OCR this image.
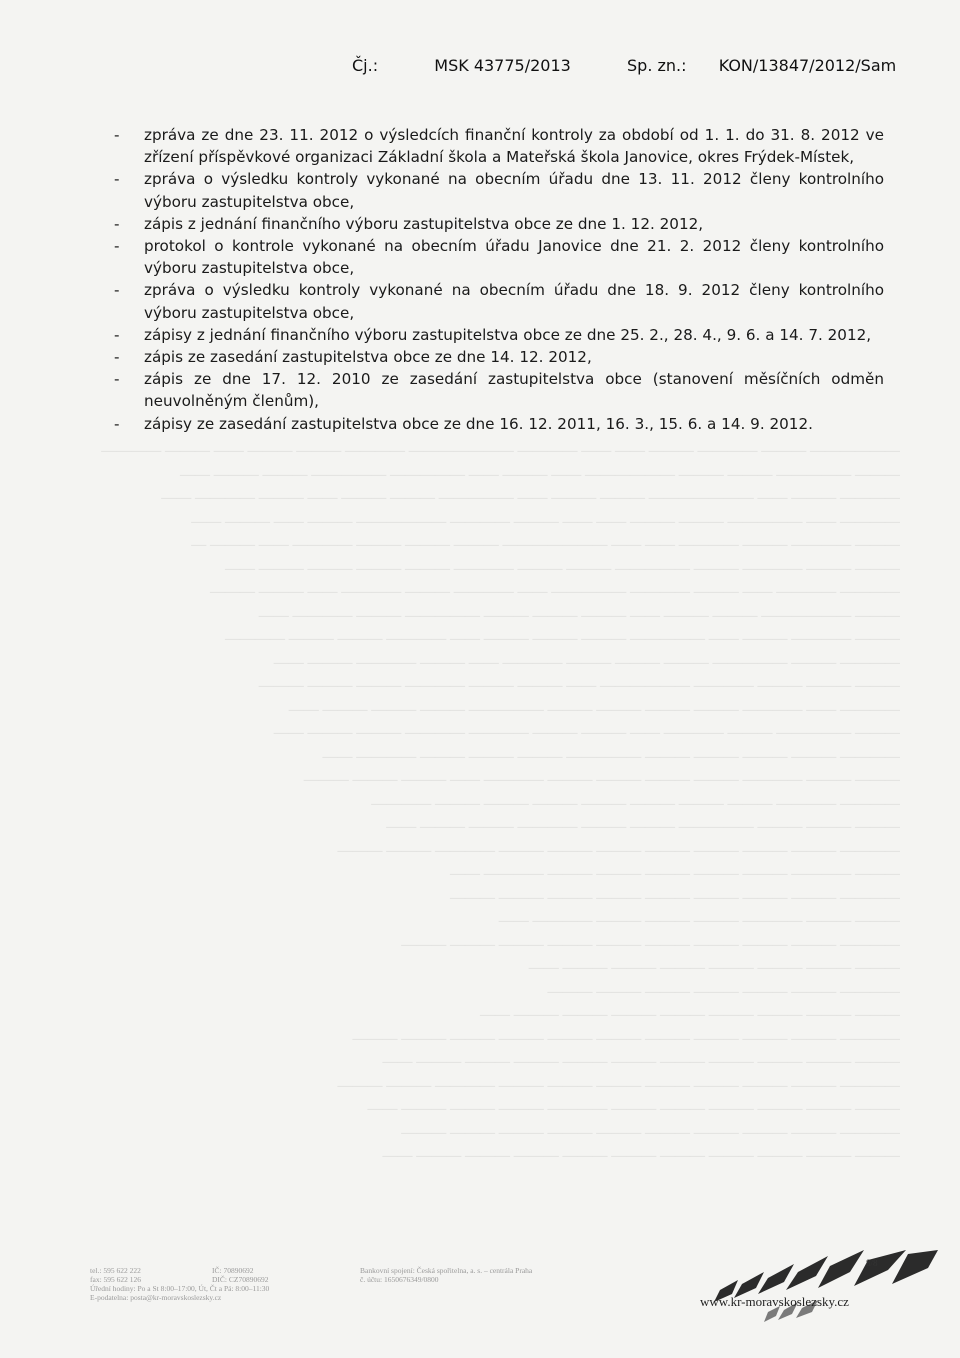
—————— ——— ———— ——— —— —— ———— ——————— ———— ——— ——— —— ——— ————
——— ————— ——— ——— —————— —— ——— —— ————— ————— ——— ——— ——
———— ——— —— ——————— ——— ——— —— ————— ——— ——— —— ——— ———— ——
———— —— ————— ——— ——— —— —— ——— ———— —————— ——— —— ——— ——
——— ———— ——— ———— —— —— ——————— ——— ——— ——— ———— —— ——— —
——— ——— ———— ——— ————— ——— ——— ———— ——— ——— ——— ——— ——
———— ———— —— ——— ———— ————— —— ———— ——— ———— —— ——— ———
——— —————— ——— ——— —— ——— ——— ——— ————— ——— ———— ——
——— ———— ——— —— ————— ——— ——— ——— —— ———— ——— ——— ————
———— ——— ————— ——— ——— ——— ———— —— ——— ———— ——— ——
——— ——— ——— ———— —————— —— ——— ——— ———— ——— ——— ———
———— —— ———— ——— ——— ——— ——— ————— ——— ——— ——— ——
——— ————— ——— ———— —— ——— ——— ———— ———— ——— ——— ——
———— ——— ——— ——— ——— ————— ——— ——— ——— ———— ——
——— ——— ———— ——— ——— ——— ——— ———— —— ——— ——— ———
———— ———— ——— ——— ——— ——— ——— ——— ——— ————
——— ——— ——— ————— ——— ——— ———— ——— ——— ——
———— ——— ——— ——— ——— ——— ——— ——— ———— ——— ———
——— ———— ——— ——— ——— ——— ——— ———— ——
———— ——— ——— ——— ——— ——— ——— ——— ———
——— ——— ———— ——— ——— ——— ———— ——
———— ——— ——— ——— ——— ——— ——— ——— ——— ———
——— ——— ——— ——— ——— ——— ——— ——
———— ——— ——— ——— ——— ——— ———
——— ——— ——— ——— ——— ——— ——— ——— ——
———— ——— ——— ——— ——— ——— ——— ——— ——— ——— ———
——— ——— ——— ——— ——— ——— ——— ——— ——— ——— ——
———— ——— ——— ——— ——— ——— ——— ——— ———— ——— ———
——— ——— ——— ——— ——— ——— ———— ——— ——— ——— ——
———— ——— ——— ——— ——— ——— ——— ——— ——— ———
——— ——— ——— ——— ——— ——— ——— ——— ——— ——— ——
Čj.:	MSK 43775/2013	Sp. zn.: KON/13847/2012/Sam
- zpráva ze dne 23. 11. 2012 o výsledcích finanční kontroly za období od 1. 1. do 31. 8. 2012 ve zřízení příspěvkové organizaci Základní škola a Mateřská škola Janovice, okres Frýdek-Místek,
- zpráva o výsledku kontroly vykonané na obecním úřadu dne 13. 11. 2012 členy kontrolního výboru zastupitelstva obce,
- zápis z jednání finančního výboru zastupitelstva obce ze dne 1. 12. 2012,
- protokol o kontrole vykonané na obecním úřadu Janovice dne 21. 2. 2012 členy kontrolního výboru zastupitelstva obce,
- zpráva o výsledku kontroly vykonané na obecním úřadu dne 18. 9. 2012 členy kontrolního výboru zastupitelstva obce,
- zápisy z jednání finančního výboru zastupitelstva obce ze dne 25. 2., 28. 4., 9. 6. a 14. 7. 2012,
- zápis ze zasedání zastupitelstva obce ze dne 14. 12. 2012,
- zápis ze dne 17. 12. 2010 ze zasedání zastupitelstva obce (stanovení měsíčních odměn neuvolněným členům),
- zápisy ze zasedání zastupitelstva obce ze dne 16. 12. 2011, 16. 3., 15. 6. a 14. 9. 2012.
tel.: 595 622 222
fax: 595 622 126
Úřední hodiny: Po a St 8:00–17:00, Út, Čt a Pá: 8:00–11:30
E-podatelna: posta@kr-moravskoslezsky.cz
IČ: 70890692
DIČ: CZ70890692
Bankovní spojení: Česká spořitelna, a. s. – centrála Praha
č. účtu: 1650676349/0800
8/8
www.kr-moravskoslezsky.cz
